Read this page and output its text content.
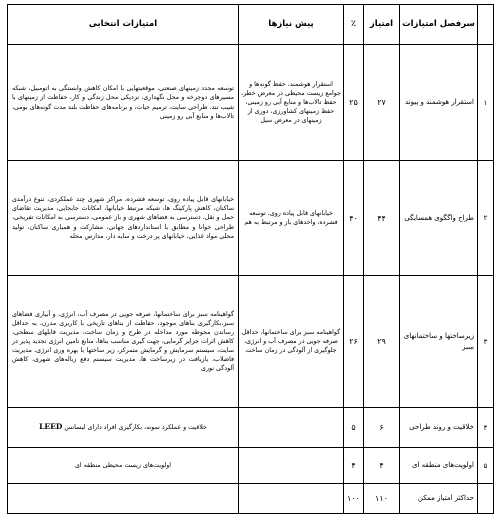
	سرفصل امتیازات	امتیاز	٪	پیش نیازها	امتیازات انتخابی
۱	استقرار هوشمند و پیوند	۲۷	۲۵	استقرار هوشمند، حفظ گونه‌ها و جوامع زیست محیطی در معرض خطر، حفظ تالاب‌ها و منابع آبی رو زمینی، حفظ زمینهای کشاورزی، دوری از زمینهای در معرض سیل	توسعه مجدد زمینهای صنعتی، موقعیتهایی با امکان کاهش وابستگی به اتومبیل، شبکه مسیرهای دوچرخه و محل نگهداری، نزدیکی محل زندگی و کار، حفاظت از زمینهای با شیب تند، طراحی سایت، ترمیم حیات، و برنامه‌های حفاظت بلند مدت گونه‌های بومی، تالاب‌ها و منابع آبی رو زمینی
۲	طراح واگگوی همسایگی	۴۴	۴۰	خیابانهای قابل پیاده روی، توسعه فشرده، واحدهای باز و مرتبط به هم	خیابانهای قابل پیاده روی، توسعه فشرده، مراکز شهری چند عملکردی، تنوع درآمدی ساکنان، کاهش پارکینگ ها، شبکه مرتبط خیابانها، امکانات جابجایی، مدیریت تقاضای حمل و نقل، دسترسی به فضاهای شهری و باز عمومی، دسترسی به امکانات تفریحی، طراحی خوانا و مطابق با استانداردهای جهانی، مشارکت و همیاری ساکنان، تولید محلی مواد غذایی، خیابانهای پر درخت و سایه دار، مدارس محله
۳	زیرساختها و ساختمانهای سبز	۲۹	۲۶	گواهینامه سبز برای ساختمانها، حداقل صرفه جویی در مصرف آب و انرژی، جلوگیری از آلودگی در زمان ساخت	گواهینامه سبز برای ساختمانها، صرفه جویی در مصرف آب، انرژی، و آبیاری فضاهای سبز،بکارگیری بناهای موجود، حفاظت از بناهای تاریخی با کاربری مدرن، به حداقل رساندن محوطه مورد مداخله در طرح و زمان ساخت، مدیریت قابلهای سطحی، کاهش اثرات جزایر گرمایی، جهت گیری مناسب بناها، منابع تامین انرژی تجدید پذیر در سایت، سیستم سرمایش و گرمایش متمرکز، زیر ساختها با بهره وری انرژی، مدیریت فاضلاب، بازیافت در زیرساخت ها، مدیریت سیستم دفع زباله‌های شهری، کاهش آلودگی نوری
۴	خلاقیت و روند طراحی	۶	۵		خلاقیت و عملکرد نمونه، بکارگیری افراد دارای لیسانس LEED
۵	اولویت‌های منطقه ای	۴	۴		اولویت‌های زیست محیطی منطقه ای
	حداکثر امتیاز ممکن	۱۱۰	۱۰۰		
